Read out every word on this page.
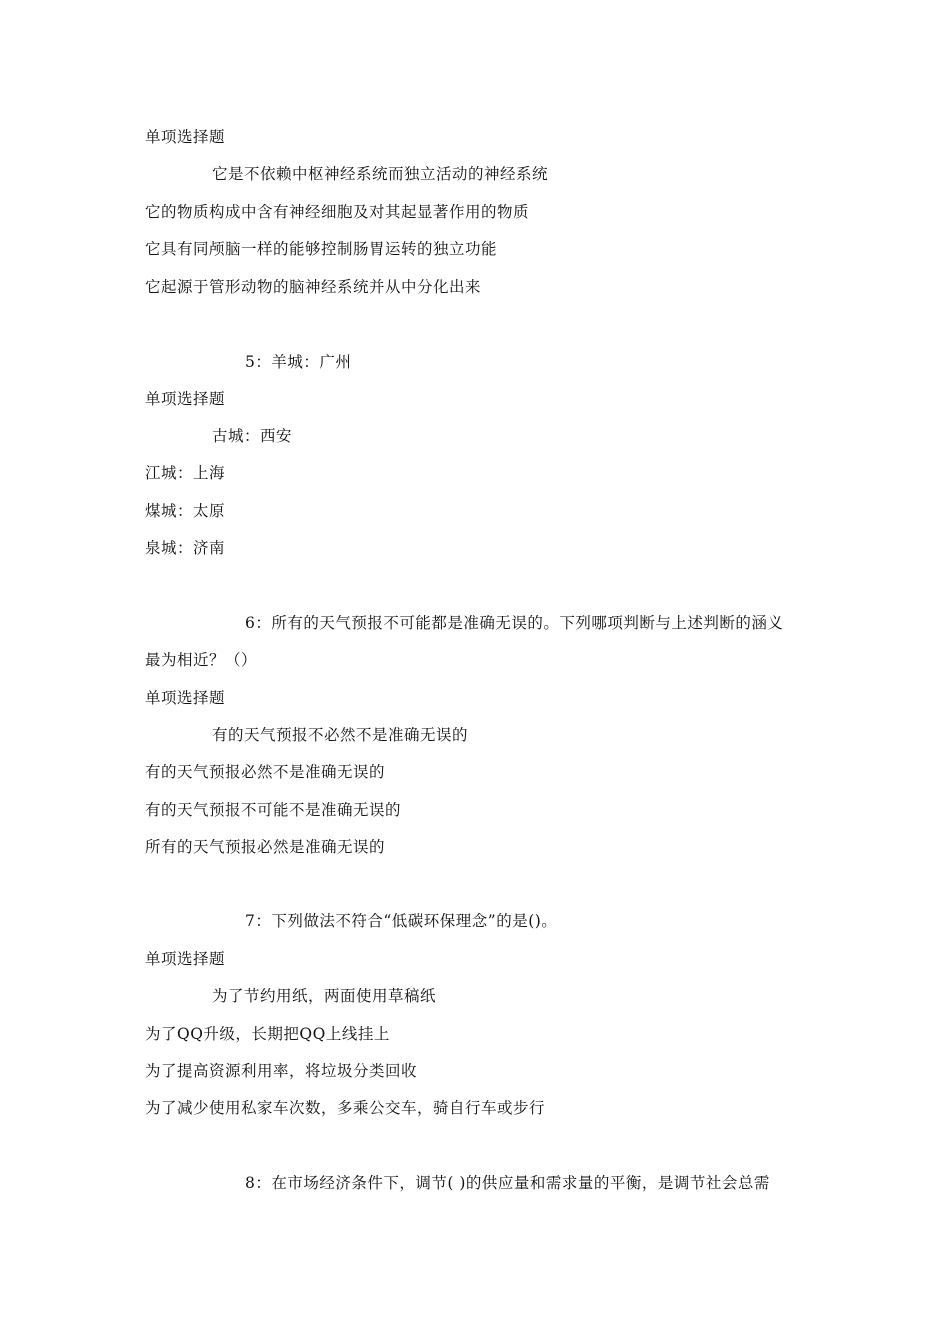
单项选择题
它是不依赖中枢神经系统而独立活动的神经系统
它的物质构成中含有神经细胞及对其起显著作用的物质
它具有同颅脑一样的能够控制肠胃运转的独立功能
它起源于管形动物的脑神经系统并从中分化出来
5：羊城：广州
单项选择题
古城：西安
江城：上海
煤城：太原
泉城：济南
6：所有的天气预报不可能都是准确无误的。下列哪项判断与上述判断的涵义
最为相近？（）
单项选择题
有的天气预报不必然不是准确无误的
有的天气预报必然不是准确无误的
有的天气预报不可能不是准确无误的
所有的天气预报必然是准确无误的
7：下列做法不符合“低碳环保理念”的是()。
单项选择题
为了节约用纸，两面使用草稿纸
为了QQ升级，长期把QQ上线挂上
为了提高资源利用率，将垃圾分类回收
为了减少使用私家车次数，多乘公交车，骑自行车或步行
8：在市场经济条件下，调节( )的供应量和需求量的平衡，是调节社会总需
